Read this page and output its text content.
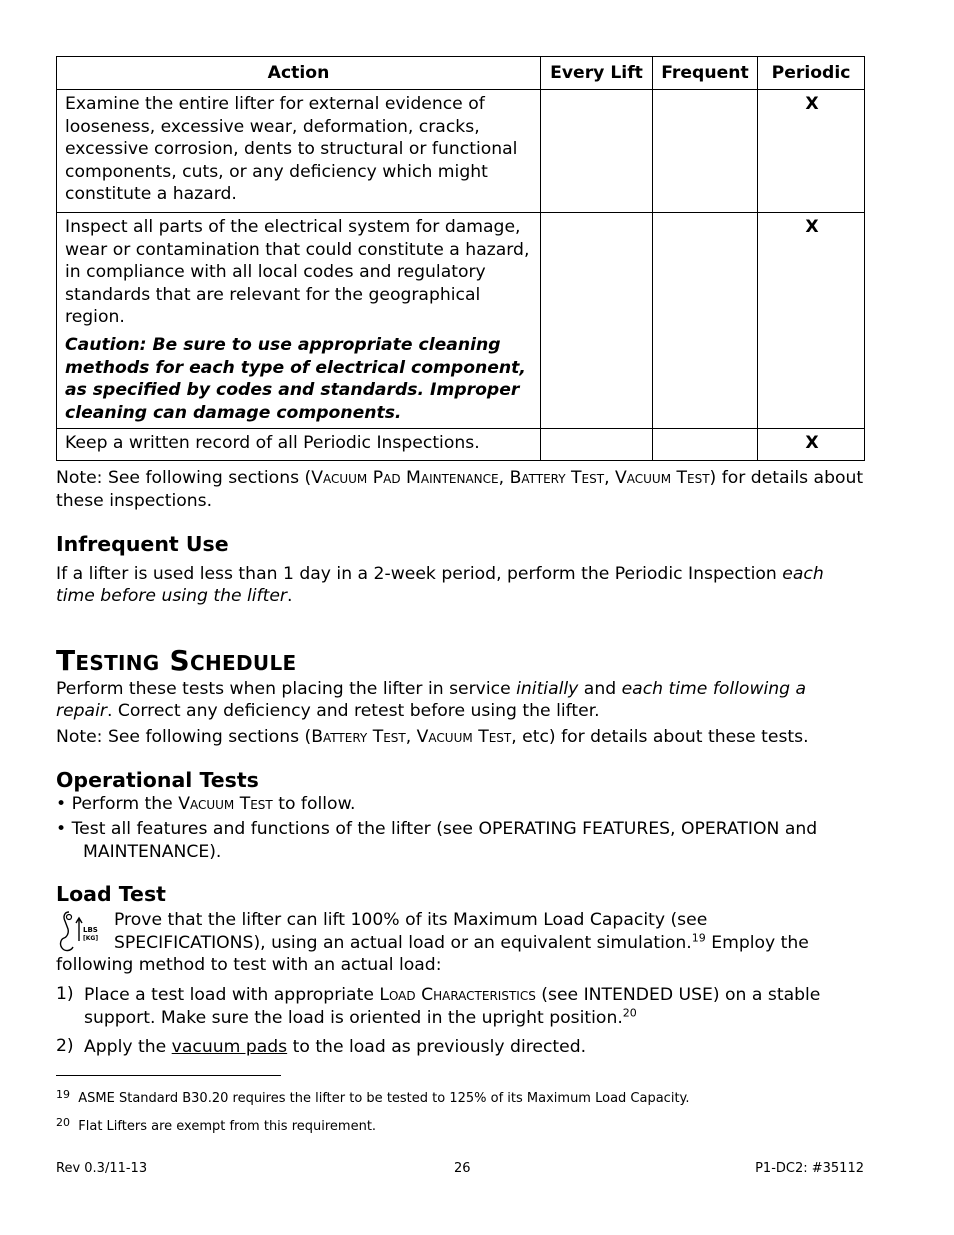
Action	Every Lift	Frequent	Periodic
Examine the entire lifter for external evidence of looseness, excessive wear, deformation, cracks, excessive corrosion, dents to structural or functional components, cuts, or any deficiency which might constitute a hazard.			X

Inspect all parts of the electrical system for damage, wear or contamination that could constitute a hazard, in compliance with all local codes and regulatory standards that are relevant for the geographical region.
Caution: Be sure to use appropriate cleaning methods for each type of electrical component, as specified by codes and standards. Improper cleaning can damage components.			X
Keep a written record of all Periodic Inspections.			X

Note: See following sections (Vacuum Pad Maintenance, Battery Test, Vacuum Test) for details about these inspections.

Infrequent Use

If a lifter is used less than 1 day in a 2-week period, perform the Periodic Inspection each time before using the lifter.

Testing Schedule

Perform these tests when placing the lifter in service initially and each time following a repair. Correct any deficiency and retest before using the lifter.

Note: See following sections (Battery Test, Vacuum Test, etc) for details about these tests.

Operational Tests

• Perform the Vacuum Test to follow.

• Test all features and functions of the lifter (see OPERATING FEATURES, OPERATION and
MAINTENANCE).

Load Test
LBS
[KG]

Prove that the lifter can lift 100% of its Maximum Load Capacity (see SPECIFICATIONS), using an actual load or an equivalent simulation.$^{19}$ Employ the following method to test with an actual load:

1) Place a test load with appropriate Load Characteristics (see INTENDED USE) on a stable support. Make sure the load is oriented in the upright position.$^{20}$

2) Apply the vacuum pads to the load as previously directed.

$^{19}$ ASME Standard B30.20 requires the lifter to be tested to 125% of its Maximum Load Capacity.
$^{20}$ Flat Lifters are exempt from this requirement.
Rev 0.3/11-13	26	P1-DC2: #35112
